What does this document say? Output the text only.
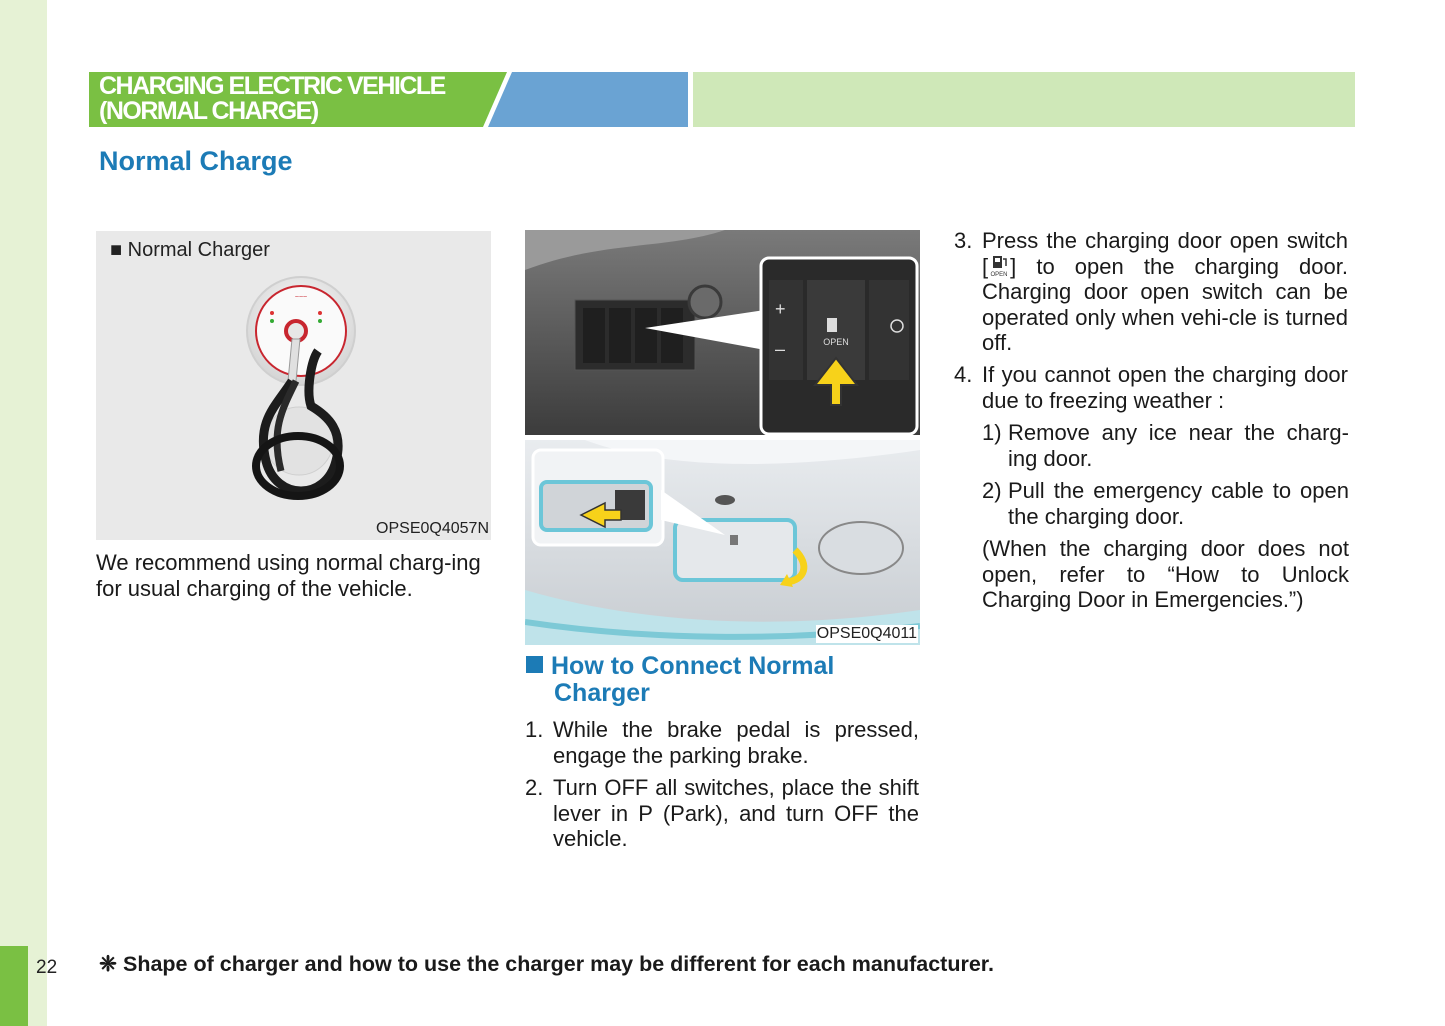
22
CHARGING ELECTRIC VEHICLE
(NORMAL CHARGE)
Normal Charge
■ Normal Charger
~~~
OPSE0Q4057N
We recommend using normal charg-ing for usual charging of the vehicle.
+
–	OPEN
OPSE0Q4011
How to Connect Normal
Charger
1. While the brake pedal is pressed, engage the parking brake.
2. Turn OFF all switches, place the shift lever in P (Park), and turn OFF the vehicle.
3. Press the charging door open switch [ OPEN ] to open the charging door. Charging door open switch can be operated only when vehi-cle is turned off.
4. If you cannot open the charging door due to freezing weather :
1) Remove any ice near the charg-ing door.
2) Pull the emergency cable to open the charging door.
(When the charging door does not open, refer to “How to Unlock Charging Door in Emergencies.”)
❈ Shape of charger and how to use the charger may be different for each manufacturer.
